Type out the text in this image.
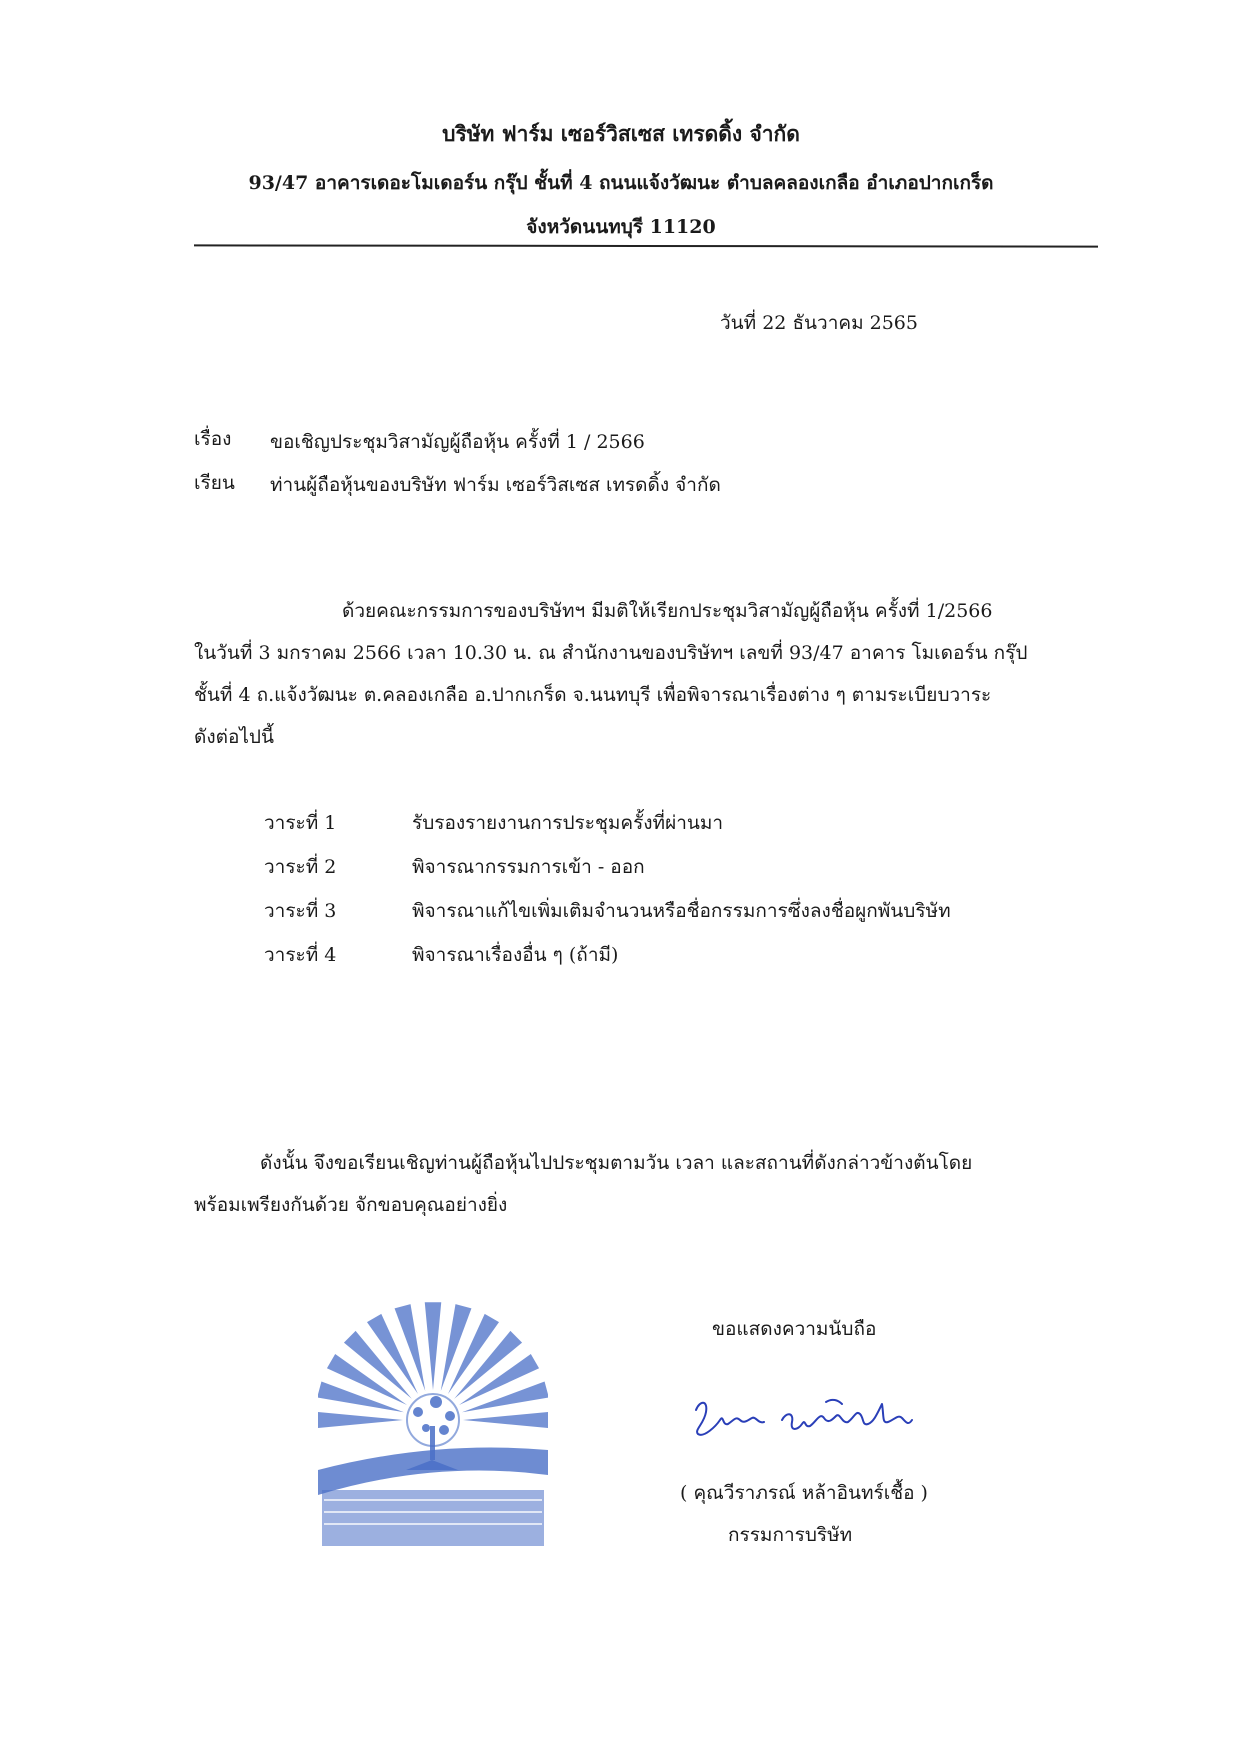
บริษัท ฟาร์ม เซอร์วิสเซส เทรดดิ้ง จำกัด
93/47 อาคารเดอะโมเดอร์น กรุ๊ป ชั้นที่ 4 ถนนแจ้งวัฒนะ ตำบลคลองเกลือ อำเภอปากเกร็ด
จังหวัดนนทบุรี 11120
วันที่ 22 ธันวาคม 2565
เรื่อง ขอเชิญประชุมวิสามัญผู้ถือหุ้น ครั้งที่ 1 / 2566
เรียน ท่านผู้ถือหุ้นของบริษัท ฟาร์ม เซอร์วิสเซส เทรดดิ้ง จำกัด

ด้วยคณะกรรมการของบริษัทฯ มีมติให้เรียกประชุมวิสามัญผู้ถือหุ้น ครั้งที่ 1/2566

ในวันที่ 3 มกราคม 2566 เวลา 10.30 น. ณ สำนักงานของบริษัทฯ เลขที่ 93/47 อาคาร โมเดอร์น กรุ๊ป

ชั้นที่ 4 ถ.แจ้งวัฒนะ ต.คลองเกลือ อ.ปากเกร็ด จ.นนทบุรี เพื่อพิจารณาเรื่องต่าง ๆ ตามระเบียบวาระ

ดังต่อไปนี้

วาระที่ 1	รับรองรายงานการประชุมครั้งที่ผ่านมา
วาระที่ 2	พิจารณากรรมการเข้า - ออก
วาระที่ 3	พิจารณาแก้ไขเพิ่มเติมจำนวนหรือชื่อกรรมการซึ่งลงชื่อผูกพันบริษัท
วาระที่ 4	พิจารณาเรื่องอื่น ๆ (ถ้ามี)

ดังนั้น จึงขอเรียนเชิญท่านผู้ถือหุ้นไปประชุมตามวัน เวลา และสถานที่ดังกล่าวข้างต้นโดย

พร้อมเพรียงกันด้วย จักขอบคุณอย่างยิ่ง

ขอแสดงความนับถือ
( คุณวีราภรณ์ หล้าอินทร์เชื้อ )
กรรมการบริษัท
